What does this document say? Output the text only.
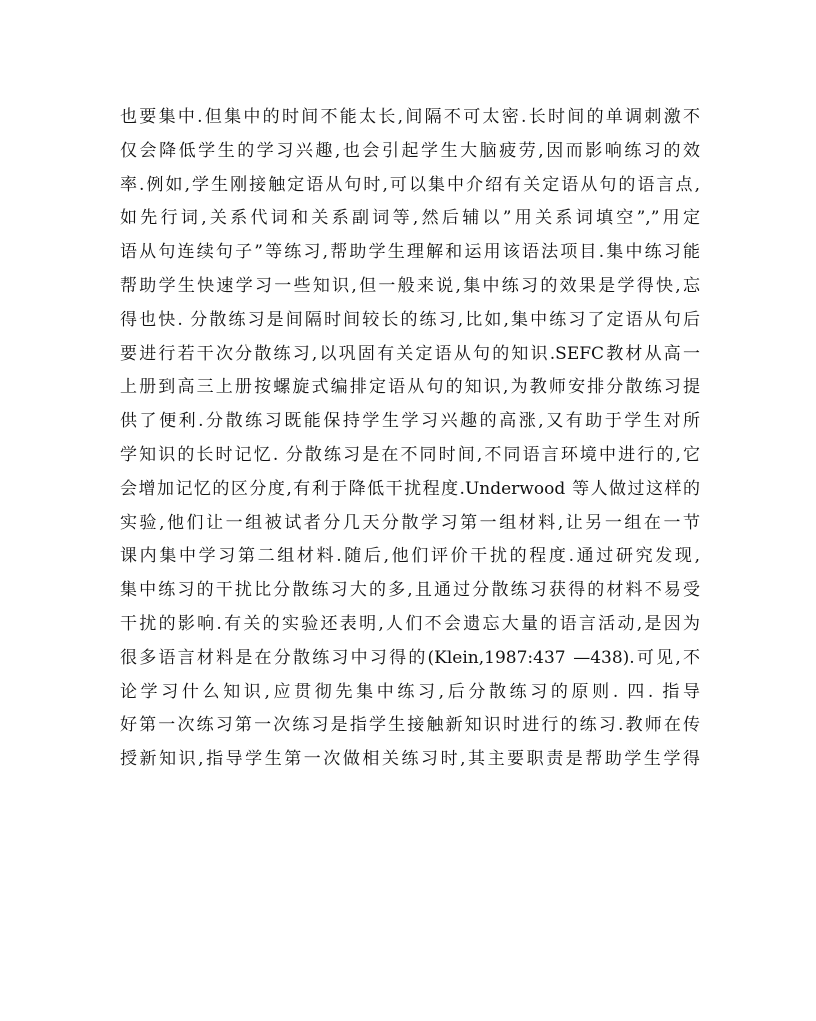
也要集中.但集中的时间不能太长,间隔不可太密.长时间的单调刺激不
仅会降低学生的学习兴趣,也会引起学生大脑疲劳,因而影响练习的效
率.例如,学生刚接触定语从句时,可以集中介绍有关定语从句的语言点,
如先行词,关系代词和关系副词等,然后辅以”用关系词填空”,”用定
语从句连续句子”等练习,帮助学生理解和运用该语法项目.集中练习能
帮助学生快速学习一些知识,但一般来说,集中练习的效果是学得快,忘
得也快. 分散练习是间隔时间较长的练习,比如,集中练习了定语从句后
要进行若干次分散练习,以巩固有关定语从句的知识.SEFC教材从高一
上册到高三上册按螺旋式编排定语从句的知识,为教师安排分散练习提
供了便利.分散练习既能保持学生学习兴趣的高涨,又有助于学生对所
学知识的长时记忆. 分散练习是在不同时间,不同语言环境中进行的,它
会增加记忆的区分度,有利于降低干扰程度.Underwood 等人做过这样的
实验,他们让一组被试者分几天分散学习第一组材料,让另一组在一节
课内集中学习第二组材料.随后,他们评价干扰的程度.通过研究发现,
集中练习的干扰比分散练习大的多,且通过分散练习获得的材料不易受
干扰的影响.有关的实验还表明,人们不会遗忘大量的语言活动,是因为
很多语言材料是在分散练习中习得的(Klein,1987:437 —438).可见,不
论学习什么知识,应贯彻先集中练习,后分散练习的原则. 四. 指导
好第一次练习第一次练习是指学生接触新知识时进行的练习.教师在传
授新知识,指导学生第一次做相关练习时,其主要职责是帮助学生学得
